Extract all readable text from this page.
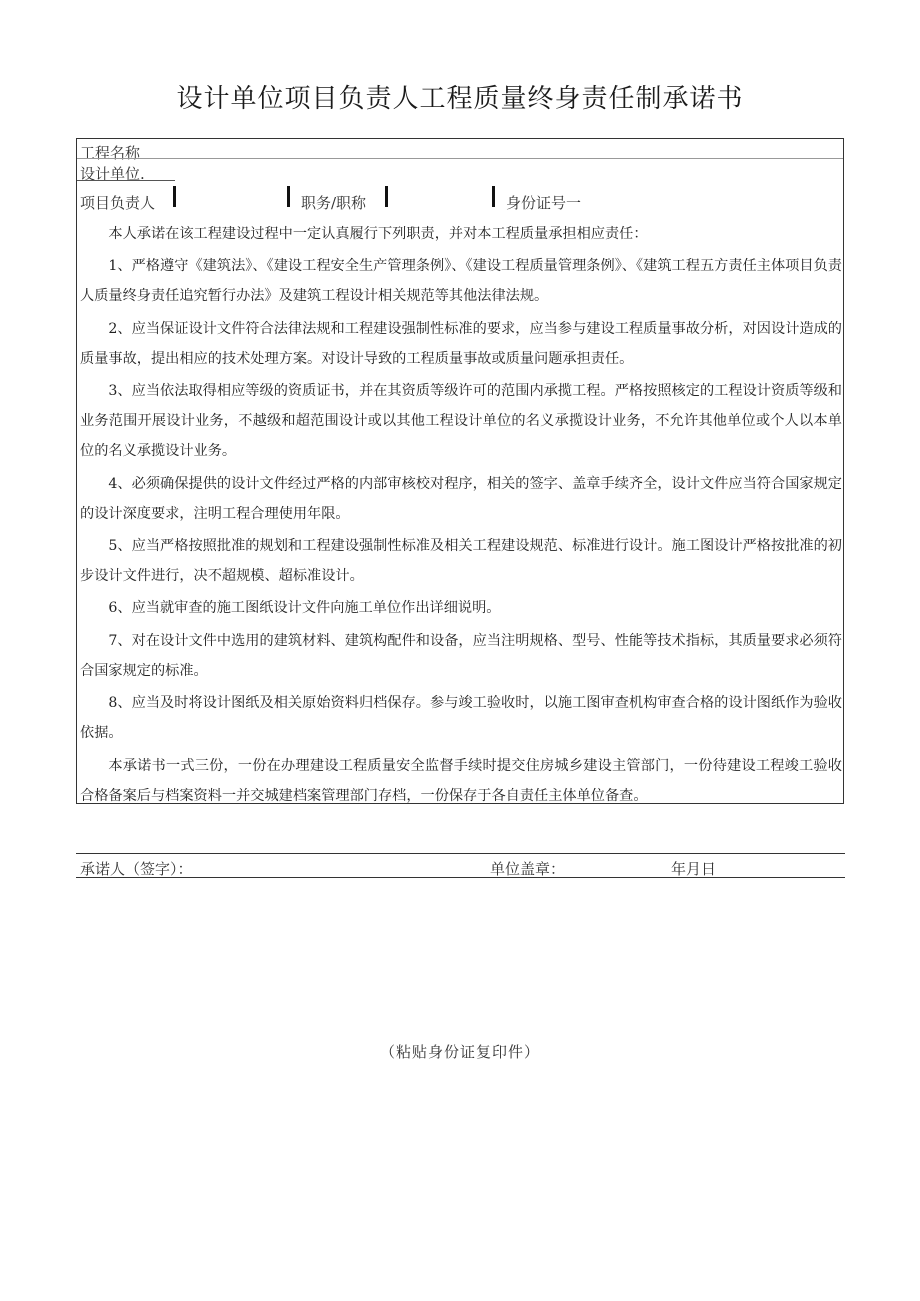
设计单位项目负责人工程质量终身责任制承诺书
工程名称
设计单位.
项目负责人	职务/职称	身份证号一

本人承诺在该工程建设过程中一定认真履行下列职责，并对本工程质量承担相应责任：

1、严格遵守《建筑法》、《建设工程安全生产管理条例》、《建设工程质量管理条例》、《建筑工程五方责任主体项目负责人质量终身责任追究暂行办法》及建筑工程设计相关规范等其他法律法规。

2、应当保证设计文件符合法律法规和工程建设强制性标准的要求，应当参与建设工程质量事故分析，对因设计造成的质量事故，提出相应的技术处理方案。对设计导致的工程质量事故或质量问题承担责任。

3、应当依法取得相应等级的资质证书，并在其资质等级许可的范围内承揽工程。严格按照核定的工程设计资质等级和业务范围开展设计业务，不越级和超范围设计或以其他工程设计单位的名义承揽设计业务，不允许其他单位或个人以本单位的名义承揽设计业务。

4、必须确保提供的设计文件经过严格的内部审核校对程序，相关的签字、盖章手续齐全，设计文件应当符合国家规定的设计深度要求，注明工程合理使用年限。

5、应当严格按照批准的规划和工程建设强制性标准及相关工程建设规范、标准进行设计。施工图设计严格按批准的初步设计文件进行，决不超规模、超标准设计。

6、应当就审查的施工图纸设计文件向施工单位作出详细说明。

7、对在设计文件中选用的建筑材料、建筑构配件和设备，应当注明规格、型号、性能等技术指标，其质量要求必须符合国家规定的标准。

8、应当及时将设计图纸及相关原始资料归档保存。参与竣工验收时，以施工图审查机构审查合格的设计图纸作为验收依据。

本承诺书一式三份，一份在办理建设工程质量安全监督手续时提交住房城乡建设主管部门，一份待建设工程竣工验收合格备案后与档案资料一并交城建档案管理部门存档，一份保存于各自责任主体单位备查。

承诺人（签字）：	单位盖章：	年月日
（粘贴身份证复印件）
